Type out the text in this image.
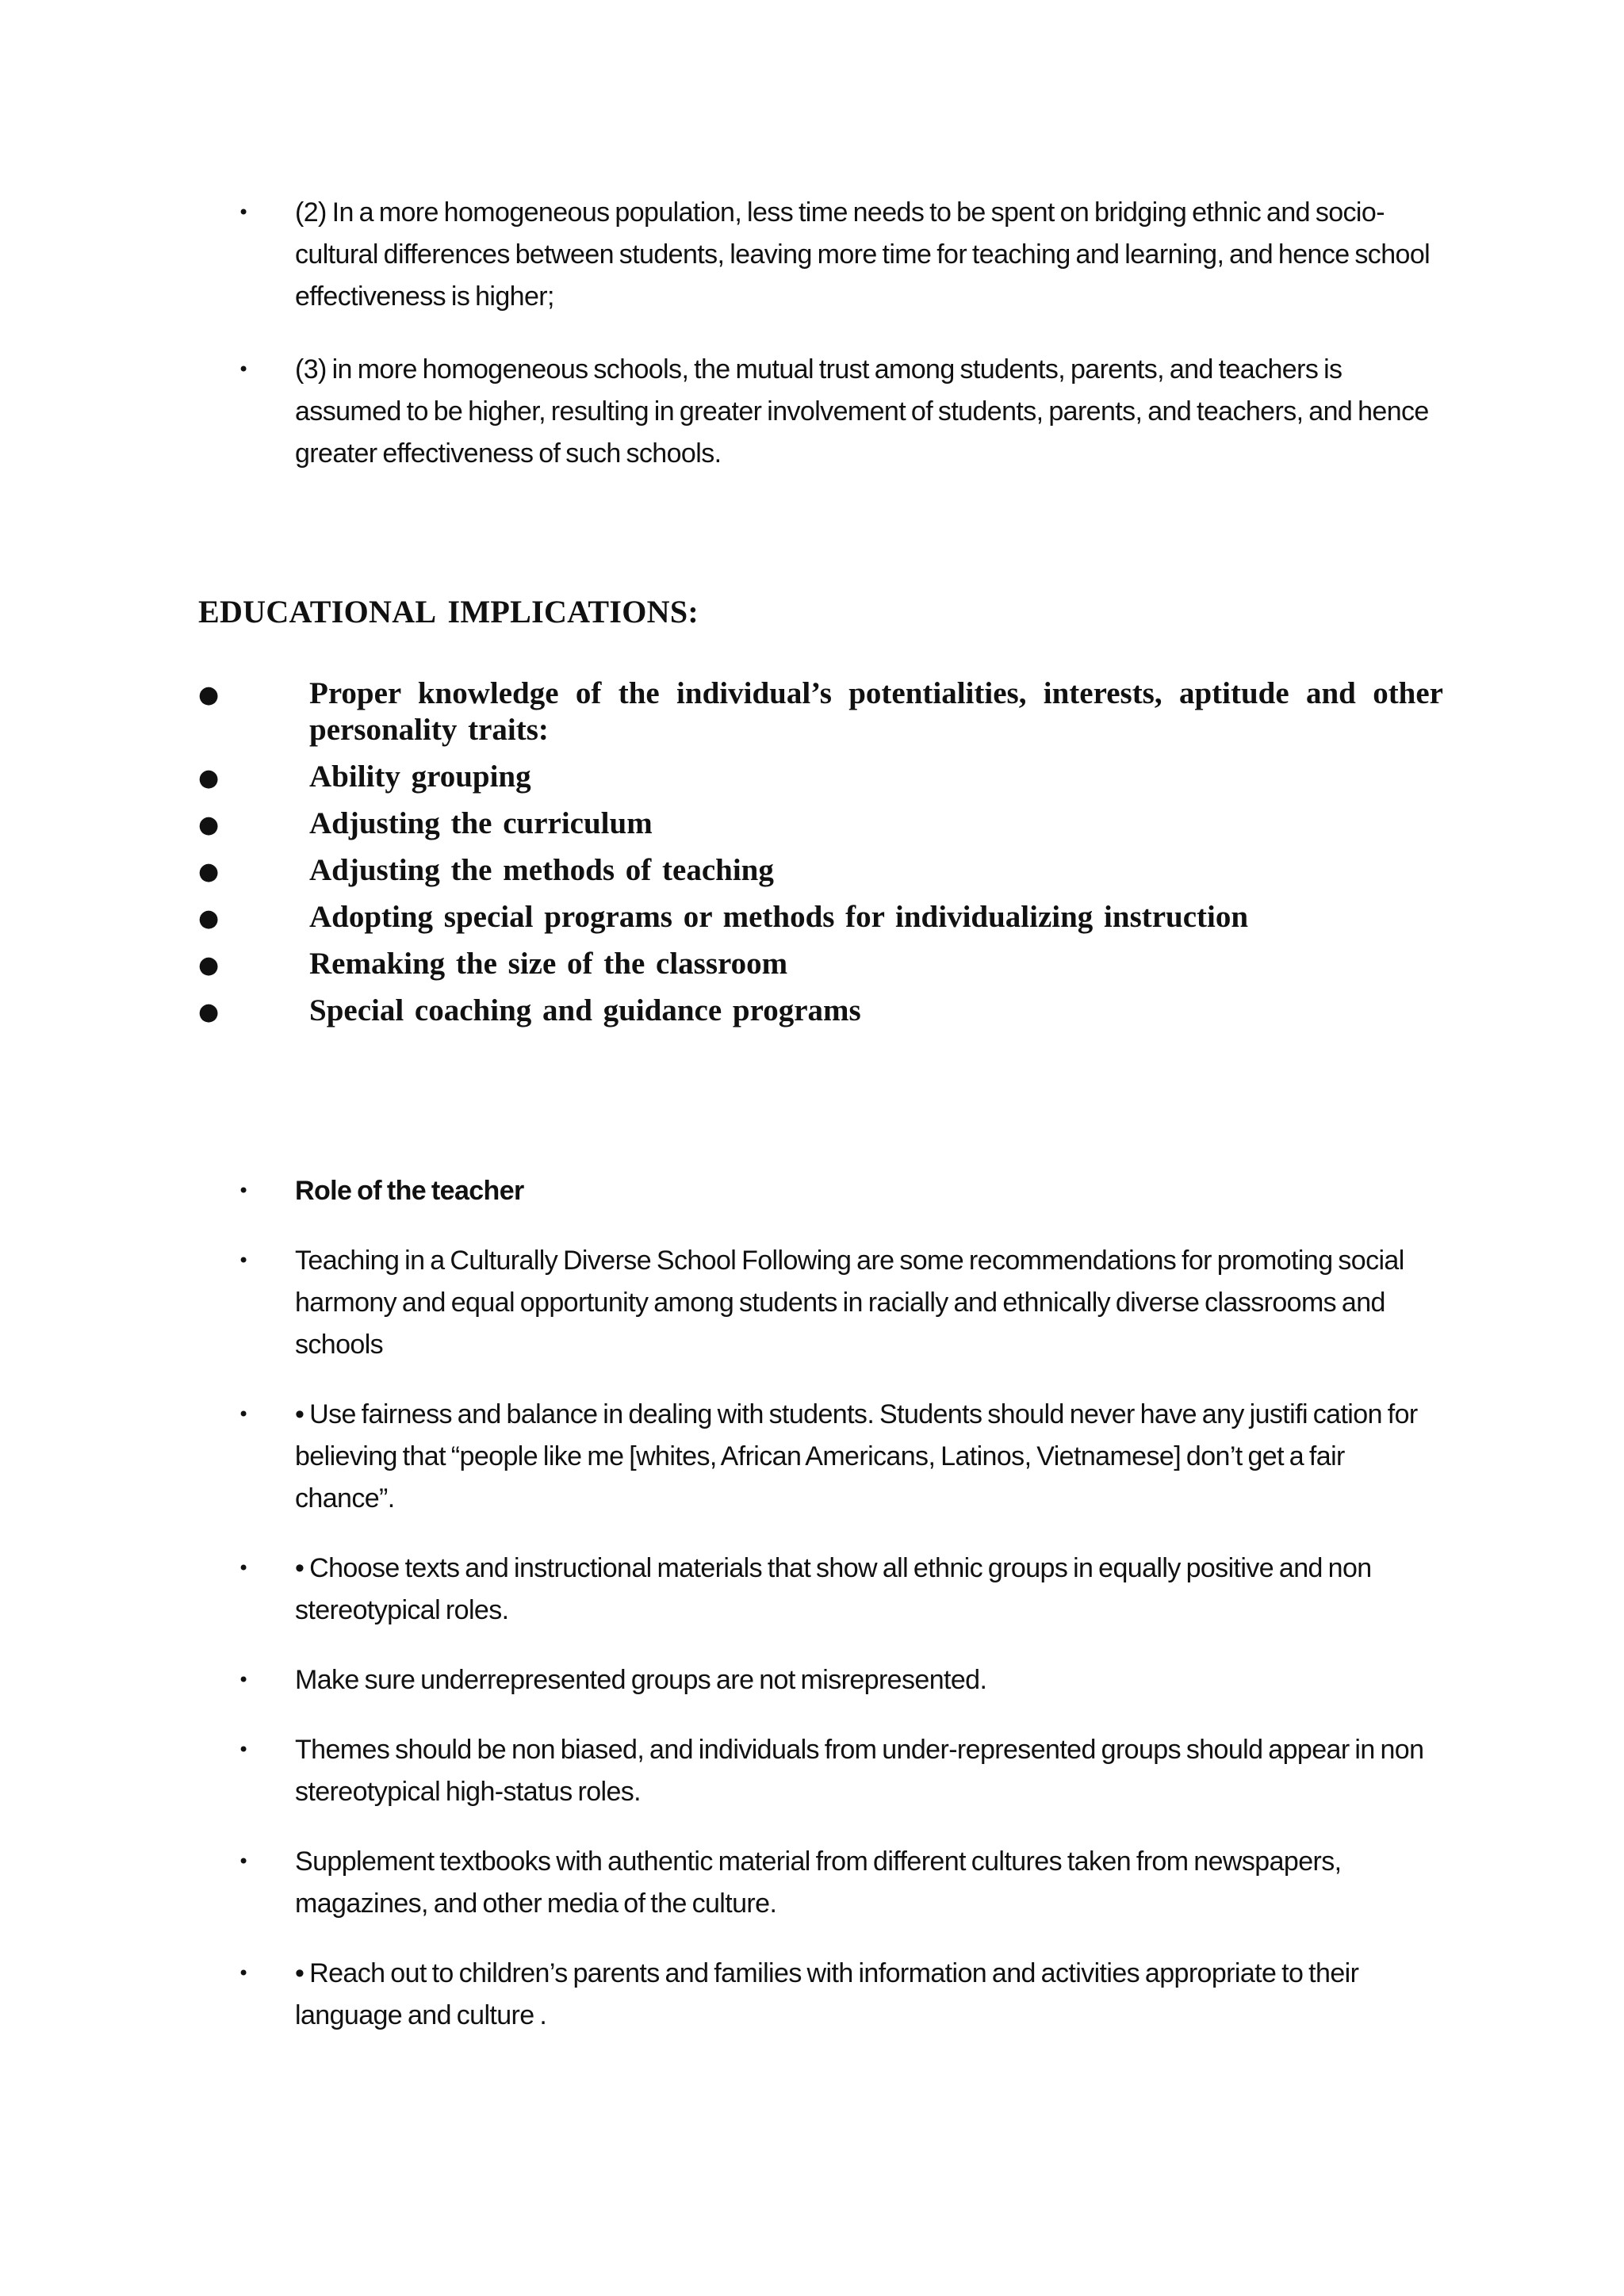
• (2) In a more homogeneous population, less time needs to be spent on bridging ethnic and socio-cultural differences between students, leaving more time for teaching and learning, and hence school effectiveness is higher;
• (3) in more homogeneous schools, the mutual trust among students, parents, and teachers is assumed to be higher, resulting in greater involvement of students, parents, and teachers, and hence greater effectiveness of such schools.
EDUCATIONAL IMPLICATIONS:
●	Proper knowledge of the individual’s potentialities, interests, aptitude and other personality traits:
●	Ability grouping
●	Adjusting the curriculum
●	Adjusting the methods of teaching
●	Adopting special programs or methods for individualizing instruction
●	Remaking the size of the classroom
●	Special coaching and guidance programs
• Role of the teacher
• Teaching in a Culturally Diverse School Following are some recommendations for promoting social harmony and equal opportunity among students in racially and ethnically diverse classrooms and schools
• • Use fairness and balance in dealing with students. Students should never have any justifi cation for believing that “people like me [whites, African Americans, Latinos, Vietnamese] don’t get a fair chance”.
• • Choose texts and instructional materials that show all ethnic groups in equally positive and non stereotypical roles.
• Make sure underrepresented groups are not misrepresented.
• Themes should be non biased, and individuals from under-represented groups should appear in non stereotypical high-status roles.
• Supplement textbooks with authentic material from different cultures taken from newspapers, magazines, and other media of the culture.
• • Reach out to children’s parents and families with information and activities appropriate to their language and culture .
